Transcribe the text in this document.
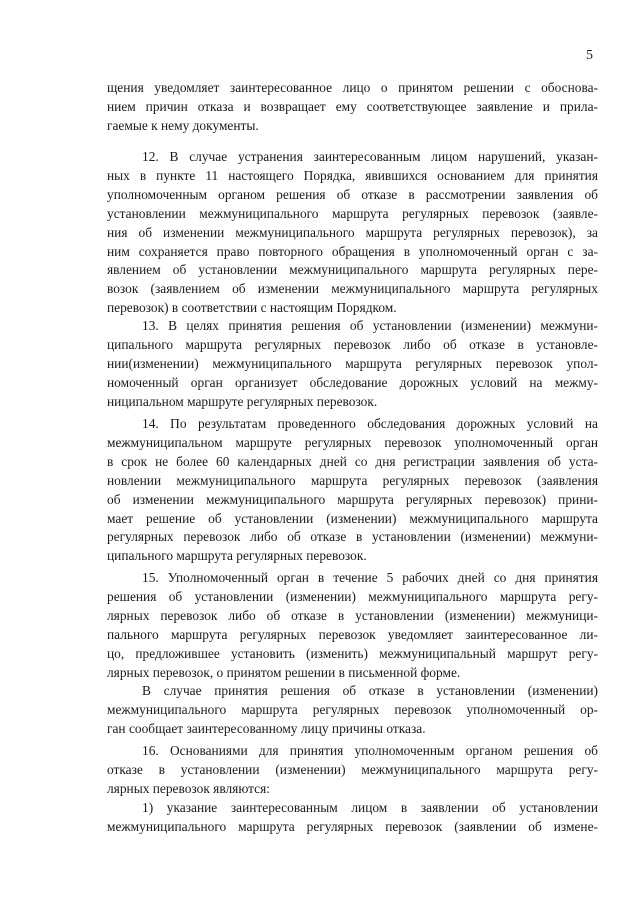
5
щения уведомляет заинтересованное лицо о принятом решении с обоснова-
нием причин отказа и возвращает ему соответствующее заявление и прила-
гаемые к нему документы.
12. В случае устранения заинтересованным лицом нарушений, указан-
ных в пункте 11 настоящего Порядка, явившихся основанием для принятия
уполномоченным органом решения об отказе в рассмотрении заявления об
установлении межмуниципального маршрута регулярных перевозок (заявле-
ния об изменении межмуниципального маршрута регулярных перевозок), за
ним сохраняется право повторного обращения в уполномоченный орган с за-
явлением об установлении межмуниципального маршрута регулярных пере-
возок (заявлением об изменении межмуниципального маршрута регулярных
перевозок) в соответствии с настоящим Порядком.
13. В целях принятия решения об установлении (изменении) межмуни-
ципального маршрута регулярных перевозок либо об отказе в установле-
нии(изменении) межмуниципального маршрута регулярных перевозок упол-
номоченный орган организует обследование дорожных условий на межму-
ниципальном маршруте регулярных перевозок.
14. По результатам проведенного обследования дорожных условий на
межмуниципальном маршруте регулярных перевозок уполномоченный орган
в срок не более 60 календарных дней со дня регистрации заявления об уста-
новлении межмуниципального маршрута регулярных перевозок (заявления
об изменении межмуниципального маршрута регулярных перевозок) прини-
мает решение об установлении (изменении) межмуниципального маршрута
регулярных перевозок либо об отказе в установлении (изменении) межмуни-
ципального маршрута регулярных перевозок.
15. Уполномоченный орган в течение 5 рабочих дней со дня принятия
решения об установлении (изменении) межмуниципального маршрута регу-
лярных перевозок либо об отказе в установлении (изменении) межмуници-
пального маршрута регулярных перевозок уведомляет заинтересованное ли-
цо, предложившее установить (изменить) межмуниципальный маршрут регу-
лярных перевозок, о принятом решении в письменной форме.
В случае принятия решения об отказе в установлении (изменении)
межмуниципального маршрута регулярных перевозок уполномоченный ор-
ган сообщает заинтересованному лицу причины отказа.
16. Основаниями для принятия уполномоченным органом решения об
отказе в установлении (изменении) межмуниципального маршрута регу-
лярных перевозок являются:
1) указание заинтересованным лицом в заявлении об установлении
межмуниципального маршрута регулярных перевозок (заявлении об измене-
